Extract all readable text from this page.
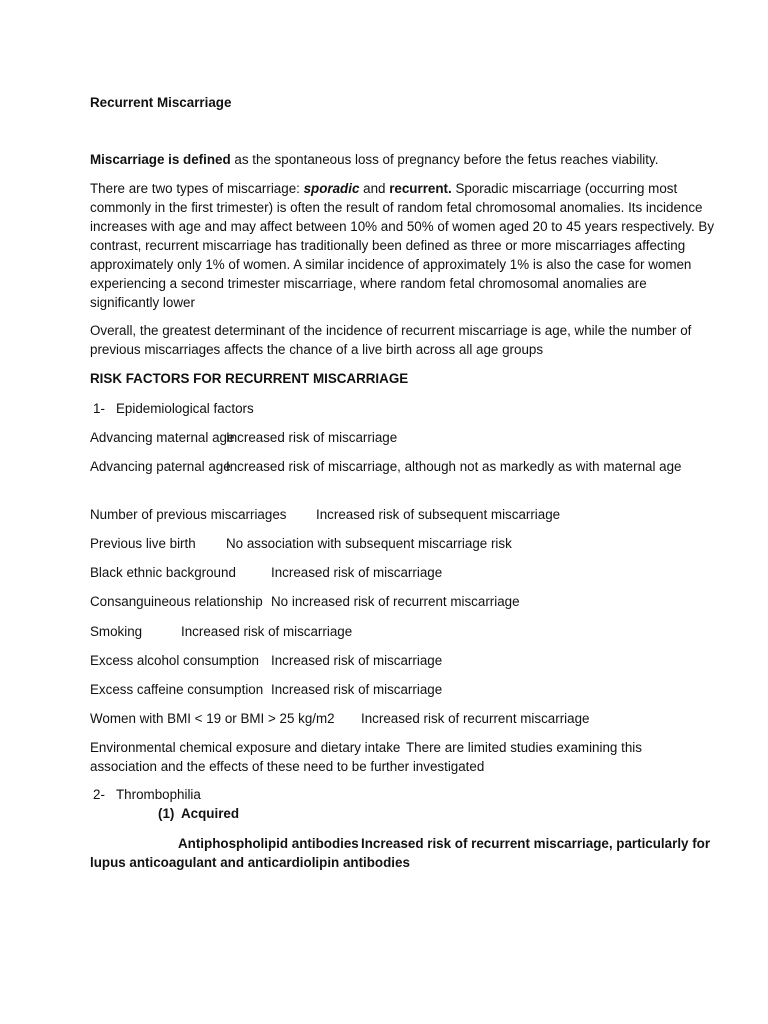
Recurrent Miscarriage
Miscarriage is defined as the spontaneous loss of pregnancy before the fetus reaches viability.
There are two types of miscarriage: sporadic and recurrent. Sporadic miscarriage (occurring most
commonly in the first trimester) is often the result of random fetal chromosomal anomalies. Its incidence
increases with age and may affect between 10% and 50% of women aged 20 to 45 years respectively. By
contrast, recurrent miscarriage has traditionally been defined as three or more miscarriages affecting
approximately only 1% of women. A similar incidence of approximately 1% is also the case for women
experiencing a second trimester miscarriage, where random fetal chromosomal anomalies are
significantly lower
Overall, the greatest determinant of the incidence of recurrent miscarriage is age, while the number of
previous miscarriages affects the chance of a live birth across all age groups
RISK FACTORS FOR RECURRENT MISCARRIAGE
1- Epidemiological factors
Advancing maternal age
Increased risk of miscarriage
Advancing paternal age
Increased risk of miscarriage, although not as markedly as with maternal age
Number of previous miscarriages Increased risk of subsequent miscarriage
Previous live birth No association with subsequent miscarriage risk
Black ethnic background	Increased risk of miscarriage
Consanguineous relationship No increased risk of recurrent miscarriage
Smoking	Increased risk of miscarriage
Excess alcohol consumption Increased risk of miscarriage
Excess caffeine consumption Increased risk of miscarriage
Women with BMI < 19 or BMI > 25 kg/m2 Increased risk of recurrent miscarriage
Environmental chemical exposure and dietary intake There are limited studies examining this
association and the effects of these need to be further investigated
2- Thrombophilia
(1) Acquired
Antiphospholipid antibodies Increased risk of recurrent miscarriage, particularly for
lupus anticoagulant and anticardiolipin antibodies
